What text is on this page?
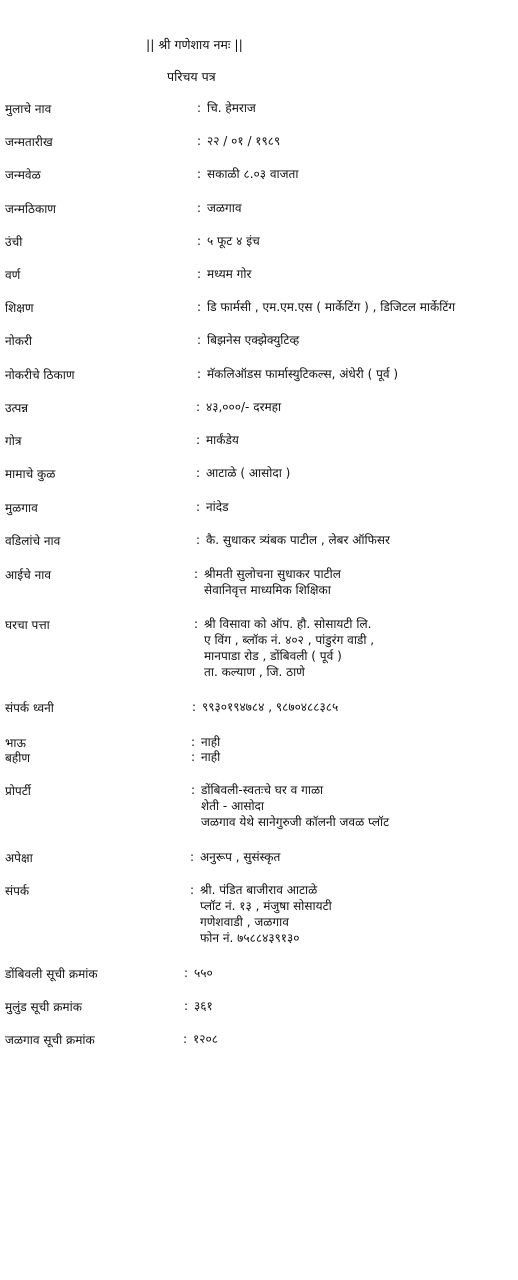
|| श्री गणेशाय नमः ||
परिचय पत्र
मुलाचे नाव	: चि. हेमराज
जन्मतारीख	: २२ / ०१ / १९८९
जन्मवेळ	: सकाळी ८.०३ वाजता
जन्मठिकाण	: जळगाव
उंची	: ५ फूट ४ इंच
वर्ण	: मध्यम गोर
शिक्षण	: डि फार्मसी , एम.एम.एस ( मार्केटिंग ) , डिजिटल मार्केटिंग
नोकरी	: बिझनेस एक्झेक्युटिव्ह
नोकरीचे ठिकाण	: मॅकलिऑडस फार्मास्युटिकल्स, अंधेरी ( पूर्व )
उत्पन्न	: ४३,०००/- दरमहा
गोत्र	: मार्कंडेय
मामाचे कुळ	: आटाळे ( आसोदा )
मुळगाव	: नांदेड
वडिलांचे नाव	: कै. सुधाकर त्र्यंबक पाटील , लेबर ऑफिसर
आईचे नाव	: श्रीमती सुलोचना सुधाकर पाटील
सेवानिवृत्त माध्यमिक शिक्षिका
घरचा पत्ता	: श्री विसावा को ऑप. हौ. सोसायटी लि.
ए विंग , ब्लॉक नं. ४०२ , पांडुरंग वाडी ,
मानपाडा रोड , डोंबिवली ( पूर्व )
ता. कल्याण , जि. ठाणे
संपर्क ध्वनी	: ९९३०१९४७८४ , ९८७०४८८३८५
भाऊ	: नाही
बहीण	: नाही
प्रोपर्टी	: डोंबिवली-स्वतःचे घर व गाळा
शेती - आसोदा
जळगाव येथे सानेगुरुजी कॉलनी जवळ प्लॉट
अपेक्षा	: अनुरूप , सुसंस्कृत
संपर्क	: श्री. पंडित बाजीराव आटाळे
प्लॉट नं. १३ , मंजुषा सोसायटी
गणेशवाडी , जळगाव
फोन नं. ७५८८४३९१३०
डोंबिवली सूची क्रमांक	: ५५०
मुलुंड सूची क्रमांक	: ३६१
जळगाव सूची क्रमांक	: १२०८
